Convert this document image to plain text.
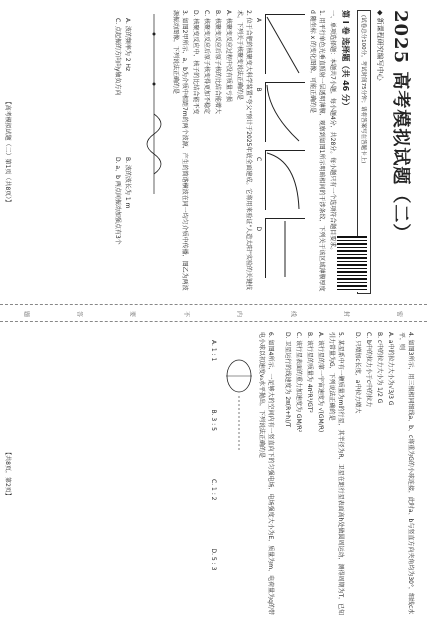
2025 高考模拟试题（二）
◆ 新课程研究编写中心
(试卷总分100分，考试时间75分钟；请将答案写在答题卡上)
第 Ⅰ 卷 选择题（共 46 分）
一、单项选择题：本题共7小题，每小题4分，共28分。每小题只有一个选项符合题目要求。
1. 用平行单色光垂直照射一层透明薄膜，观察到如图1所示明暗相间的干涉条纹，下列关于该区域薄膜厚度 d 随坐标 x 的变化图像，可能正确的是
A
B
C
D
2. 位于合肥的核聚变大科学装置"夸父"预计于2025年底全面建成。它将用来验证"人造太阳"实验的关键技术。下列关于核聚变说法正确的是
A. 核聚变反应过程中没有质量亏损
B. 核聚变反应后原子核的比结合能增大
C. 核聚变反应后原子核变得更加不稳定
D. 核聚变反应中，核子的比结合能不变
3. 如图2甲所示，a、b为介质中相距7m的两个波源，产生的简谐横波在同一均匀介质中传播，图乙为两波源振动图像，下列说法正确的是
A. 波的频率为 2 Hz
B. 波的波长为 1 m
C. 点起振的方向向y轴负方向
D. a、b 两点间振动加强点有3个
【高考模拟试题（二）第1页（共8页）】
密
封
线
内
不
要
答
题
4. 如图3所示，用三根相同细线a、b、c将重为G的小球连接，此时a、b与竖直方向夹角均为30°，细线c水平，则
A. a中的拉力大小为√3/3 G
B. c中的拉力大小为 1/2 G
C. b中的拉力小于c中的拉力
D. 只增加c长度，a中拉力增大
5. 某星系中有一颗质量为m的行星，其半径为R，卫星在距行星表面高h处做圆周运动，测得周期为T，已知引力常量为G，下列说法正确的是
A. 该行星的第一宇宙速度为 √(GM/R)
B. 该行星的质量为 4π²R³/GT²
C. 该行星表面的重力加速度为 GM/R²
D. 卫星运行的线速度为 2π(R+h)/T
6. 如图4所示，一足够大的空间内有一竖直向下的匀强电场，电场强度大小为E，质量为m、电荷量为q的带电小球以初速度v₀水平抛出，下列说法正确的是
A. 1 : 1
B. 3 : 5
C. 1 : 2
D. 5 : 3
【共8页，第2页】
